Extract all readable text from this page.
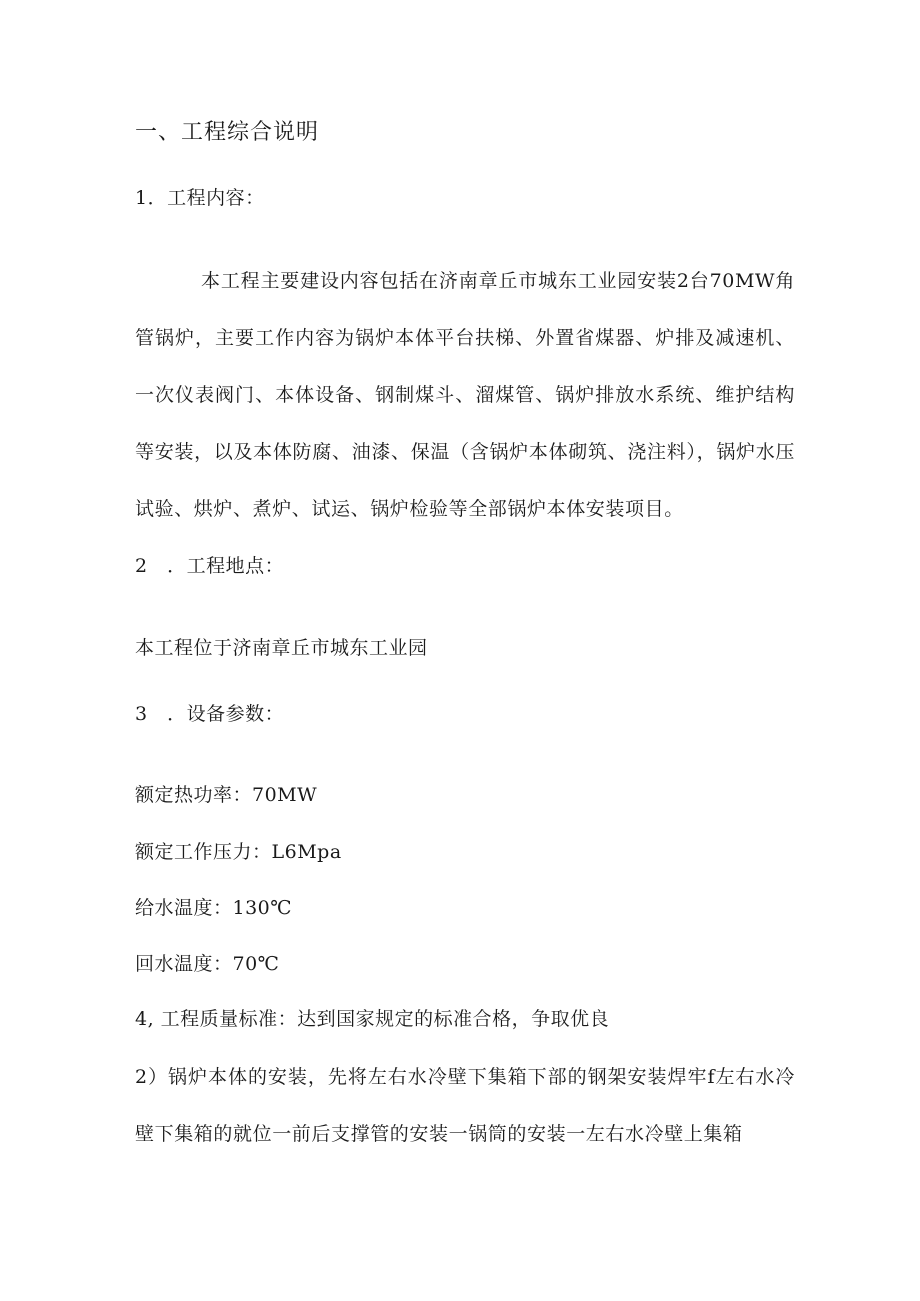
一、工程综合说明
1．工程内容：
本工程主要建设内容包括在济南章丘市城东工业园安装2台70MW角管锅炉，主要工作内容为锅炉本体平台扶梯、外置省煤器、炉排及减速机、一次仪表阀门、本体设备、钢制煤斗、溜煤管、锅炉排放水系统、维护结构等安装，以及本体防腐、油漆、保温（含锅炉本体砌筑、浇注料），锅炉水压试验、烘炉、煮炉、试运、锅炉检验等全部锅炉本体安装项目。
2　．工程地点：
本工程位于济南章丘市城东工业园
3　．设备参数：
额定热功率：70MW
额定工作压力：L6Mpa
给水温度：130℃
回水温度：70℃
4, 工程质量标准：达到国家规定的标准合格，争取优良
2）锅炉本体的安装，先将左右水冷壁下集箱下部的钢架安装焊牢f左右水冷壁下集箱的就位一前后支撑管的安装一锅筒的安装一左右水冷壁上集箱
